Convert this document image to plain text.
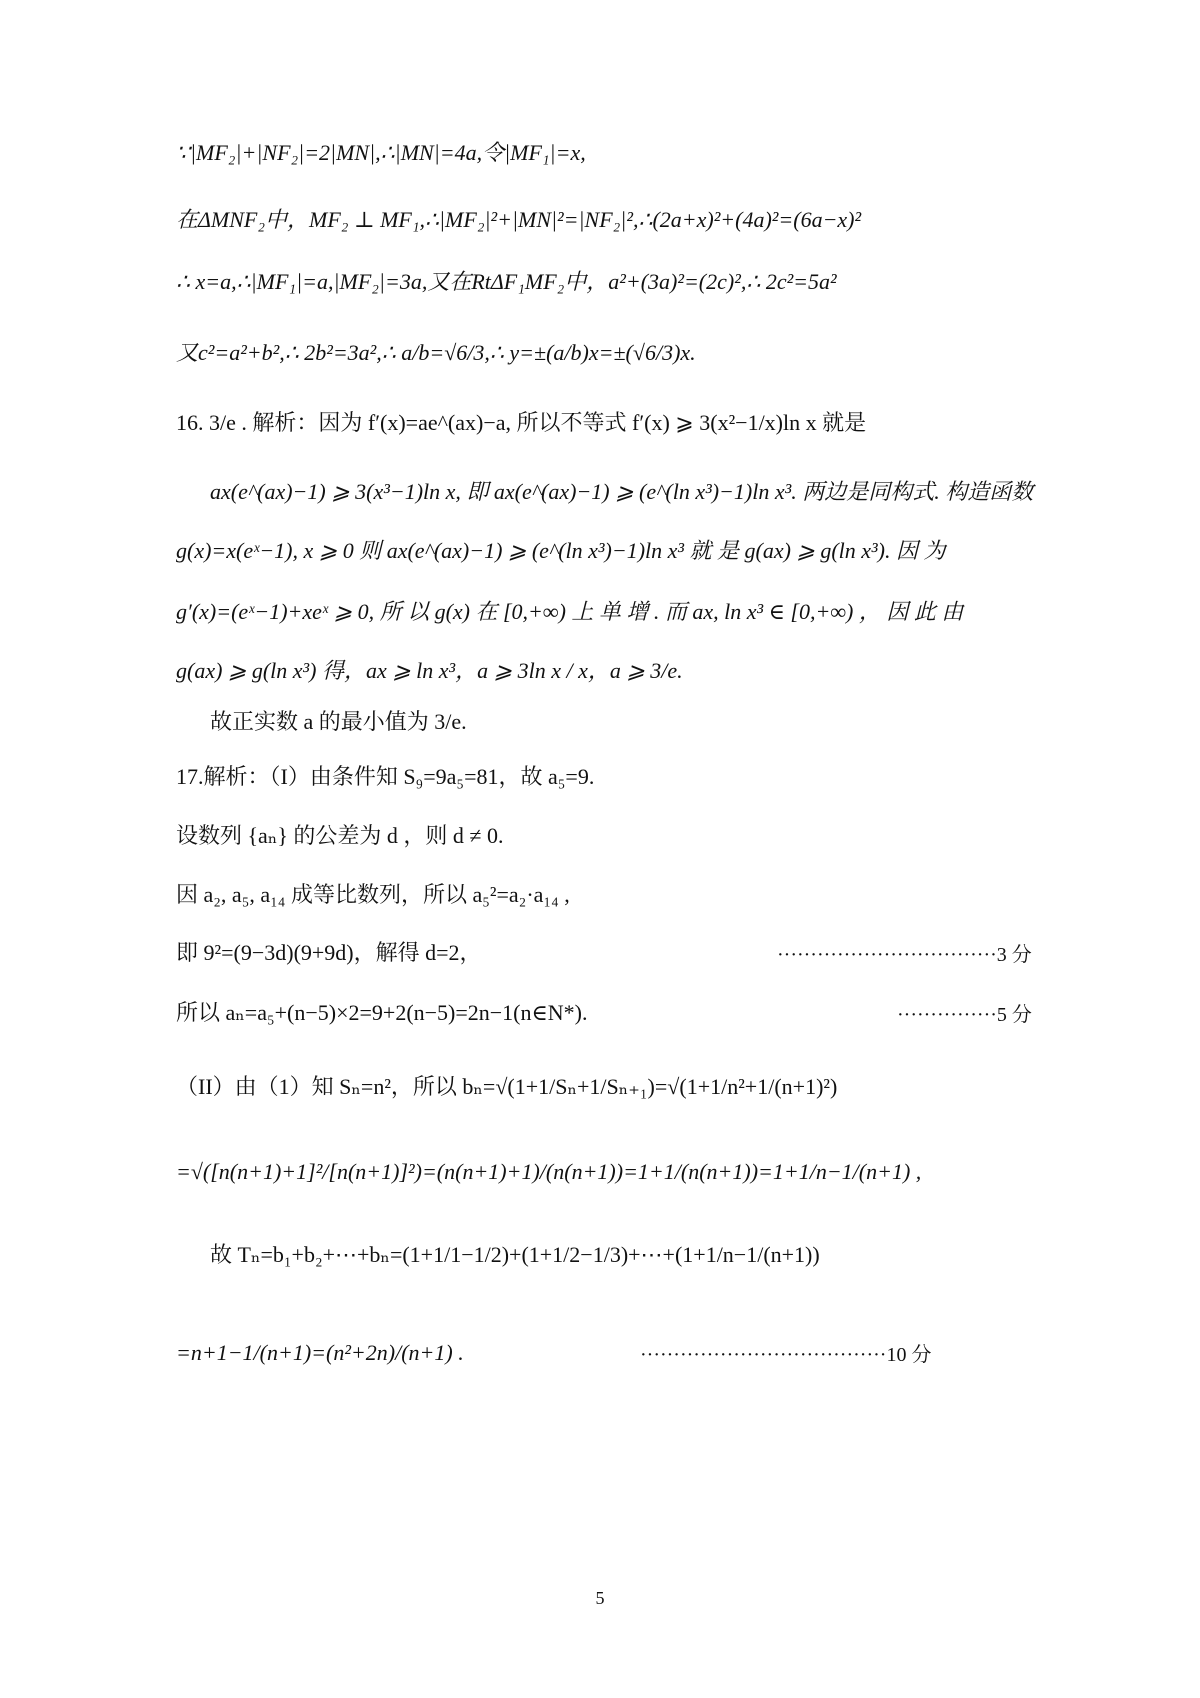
∵|MF₂|+|NF₂|=2|MN|,∴|MN|=4a,令|MF₁|=x,
在ΔMNF₂中，MF₂ ⊥ MF₁,∴|MF₂|²+|MN|²=|NF₂|²,∴(2a+x)²+(4a)²=(6a−x)²
∴ x=a,∴|MF₁|=a,|MF₂|=3a,又在RtΔF₁MF₂中，a²+(3a)²=(2c)²,∴ 2c²=5a²
又c²=a²+b²,∴ 2b²=3a²,∴ a/b=√6/3,∴ y=±(a/b)x=±(√6/3)x.
16. 3/e . 解析：因为 f′(x)=ae^(ax)−a, 所以不等式 f′(x) ⩾ 3(x²−1/x)ln x 就是
ax(e^(ax)−1) ⩾ 3(x³−1)ln x, 即 ax(e^(ax)−1) ⩾ (e^(ln x³)−1)ln x³. 两边是同构式. 构造函数
g(x)=x(eˣ−1), x ⩾ 0 则 ax(e^(ax)−1) ⩾ (e^(ln x³)−1)ln x³ 就 是 g(ax) ⩾ g(ln x³). 因 为
g′(x)=(eˣ−1)+xeˣ ⩾ 0, 所 以 g(x) 在 [0,+∞) 上 单 增 . 而 ax, ln x³ ∈ [0,+∞) ， 因 此 由
g(ax) ⩾ g(ln x³) 得，ax ⩾ ln x³，a ⩾ 3ln x / x，a ⩾ 3/e.
故正实数 a 的最小值为 3/e.
17.解析：（I）由条件知 S₉=9a₅=81，故 a₅=9.
设数列 {aₙ} 的公差为 d ，则 d ≠ 0.
因 a₂, a₅, a₁₄ 成等比数列，所以 a₅²=a₂·a₁₄ ,
即 9²=(9−3d)(9+9d)，解得 d=2，	·································3 分
所以 aₙ=a₅+(n−5)×2=9+2(n−5)=2n−1(n∈N*).	···············5 分
（II）由（1）知 Sₙ=n²，所以 bₙ=√(1+1/Sₙ+1/Sₙ₊₁)=√(1+1/n²+1/(n+1)²)
=√([n(n+1)+1]²/[n(n+1)]²)=(n(n+1)+1)/(n(n+1))=1+1/(n(n+1))=1+1/n−1/(n+1) ,
故 Tₙ=b₁+b₂+⋯+bₙ=(1+1/1−1/2)+(1+1/2−1/3)+⋯+(1+1/n−1/(n+1))
=n+1−1/(n+1)=(n²+2n)/(n+1) .	·····································10 分
5
